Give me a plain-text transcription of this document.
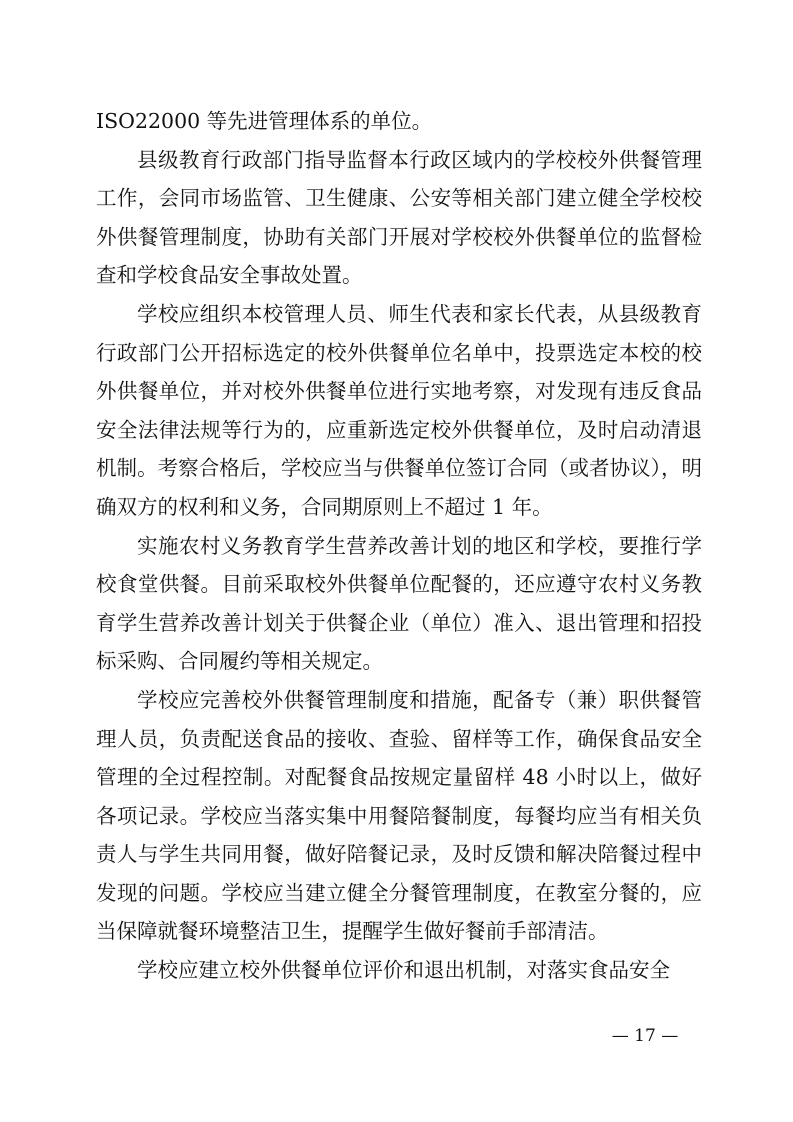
ISO22000 等先进管理体系的单位。

县级教育行政部门指导监督本行政区域内的学校校外供餐管理工作，会同市场监管、卫生健康、公安等相关部门建立健全学校校外供餐管理制度，协助有关部门开展对学校校外供餐单位的监督检查和学校食品安全事故处置。

学校应组织本校管理人员、师生代表和家长代表，从县级教育行政部门公开招标选定的校外供餐单位名单中，投票选定本校的校外供餐单位，并对校外供餐单位进行实地考察，对发现有违反食品安全法律法规等行为的，应重新选定校外供餐单位，及时启动清退机制。考察合格后，学校应当与供餐单位签订合同（或者协议），明确双方的权利和义务，合同期原则上不超过 1 年。

实施农村义务教育学生营养改善计划的地区和学校，要推行学校食堂供餐。目前采取校外供餐单位配餐的，还应遵守农村义务教育学生营养改善计划关于供餐企业（单位）准入、退出管理和招投标采购、合同履约等相关规定。

学校应完善校外供餐管理制度和措施，配备专（兼）职供餐管理人员，负责配送食品的接收、查验、留样等工作，确保食品安全管理的全过程控制。对配餐食品按规定量留样 48 小时以上，做好各项记录。学校应当落实集中用餐陪餐制度，每餐均应当有相关负责人与学生共同用餐，做好陪餐记录，及时反馈和解决陪餐过程中发现的问题。学校应当建立健全分餐管理制度，在教室分餐的，应当保障就餐环境整洁卫生，提醒学生做好餐前手部清洁。

学校应建立校外供餐单位评价和退出机制，对落实食品安全

— 17 —
